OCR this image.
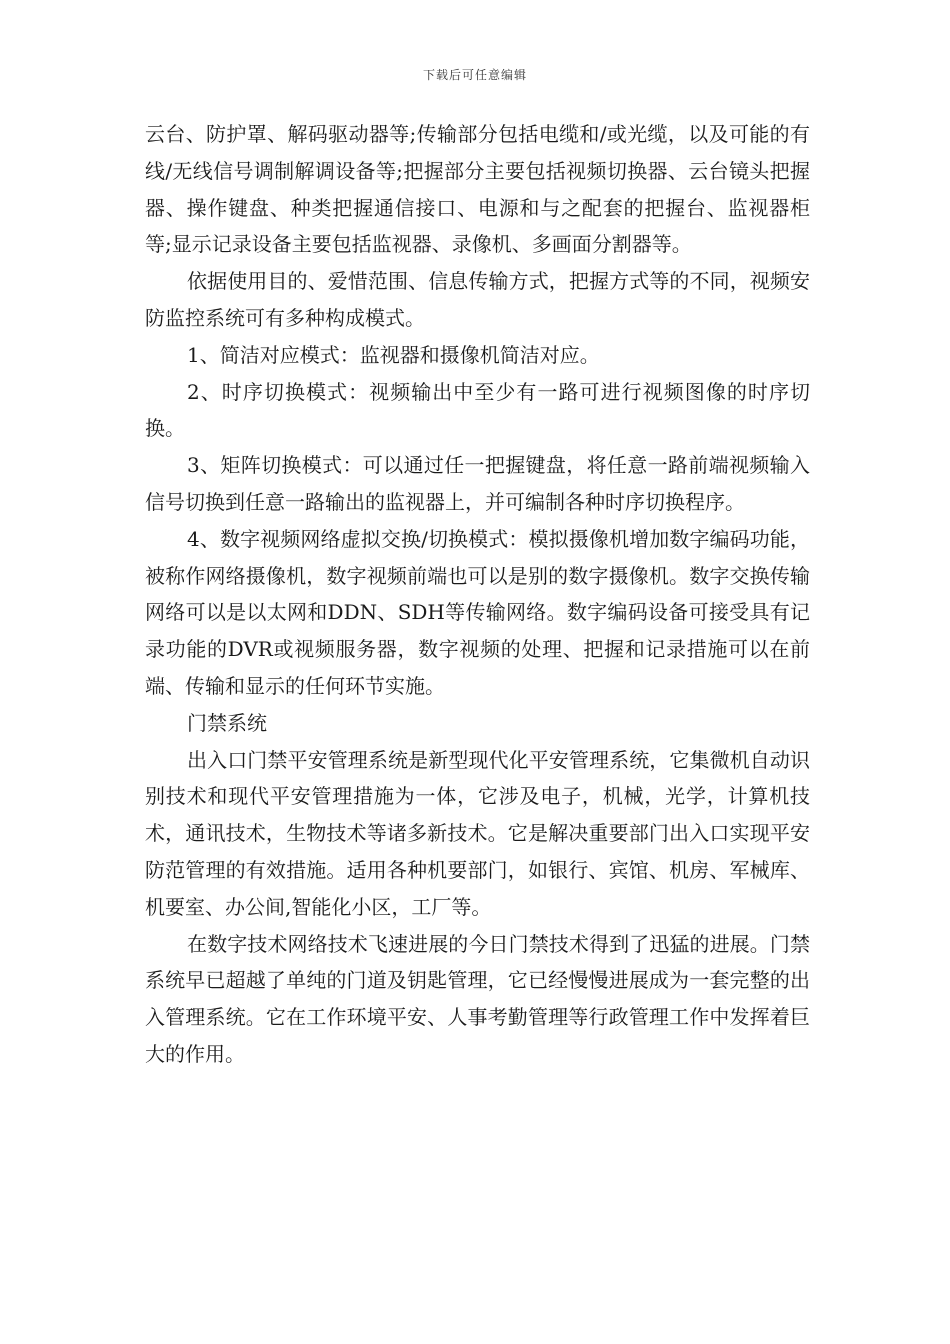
下载后可任意编辑

云台、防护罩、解码驱动器等;传输部分包括电缆和/或光缆，以及可能的有线/无线信号调制解调设备等;把握部分主要包括视频切换器、云台镜头把握器、操作键盘、种类把握通信接口、电源和与之配套的把握台、监视器柜等;显示记录设备主要包括监视器、录像机、多画面分割器等。

依据使用目的、爱惜范围、信息传输方式，把握方式等的不同，视频安防监控系统可有多种构成模式。

1、简洁对应模式：监视器和摄像机简洁对应。

2、时序切换模式：视频输出中至少有一路可进行视频图像的时序切换。

3、矩阵切换模式：可以通过任一把握键盘，将任意一路前端视频输入信号切换到任意一路输出的监视器上，并可编制各种时序切换程序。

4、数字视频网络虚拟交换/切换模式：模拟摄像机增加数字编码功能，被称作网络摄像机，数字视频前端也可以是别的数字摄像机。数字交换传输网络可以是以太网和DDN、SDH等传输网络。数字编码设备可接受具有记录功能的DVR或视频服务器，数字视频的处理、把握和记录措施可以在前端、传输和显示的任何环节实施。

门禁系统

出入口门禁平安管理系统是新型现代化平安管理系统，它集微机自动识别技术和现代平安管理措施为一体，它涉及电子，机械，光学，计算机技术，通讯技术，生物技术等诸多新技术。它是解决重要部门出入口实现平安防范管理的有效措施。适用各种机要部门，如银行、宾馆、机房、军械库、机要室、办公间,智能化小区，工厂等。

在数字技术网络技术飞速进展的今日门禁技术得到了迅猛的进展。门禁系统早已超越了单纯的门道及钥匙管理，它已经慢慢进展成为一套完整的出入管理系统。它在工作环境平安、人事考勤管理等行政管理工作中发挥着巨大的作用。
